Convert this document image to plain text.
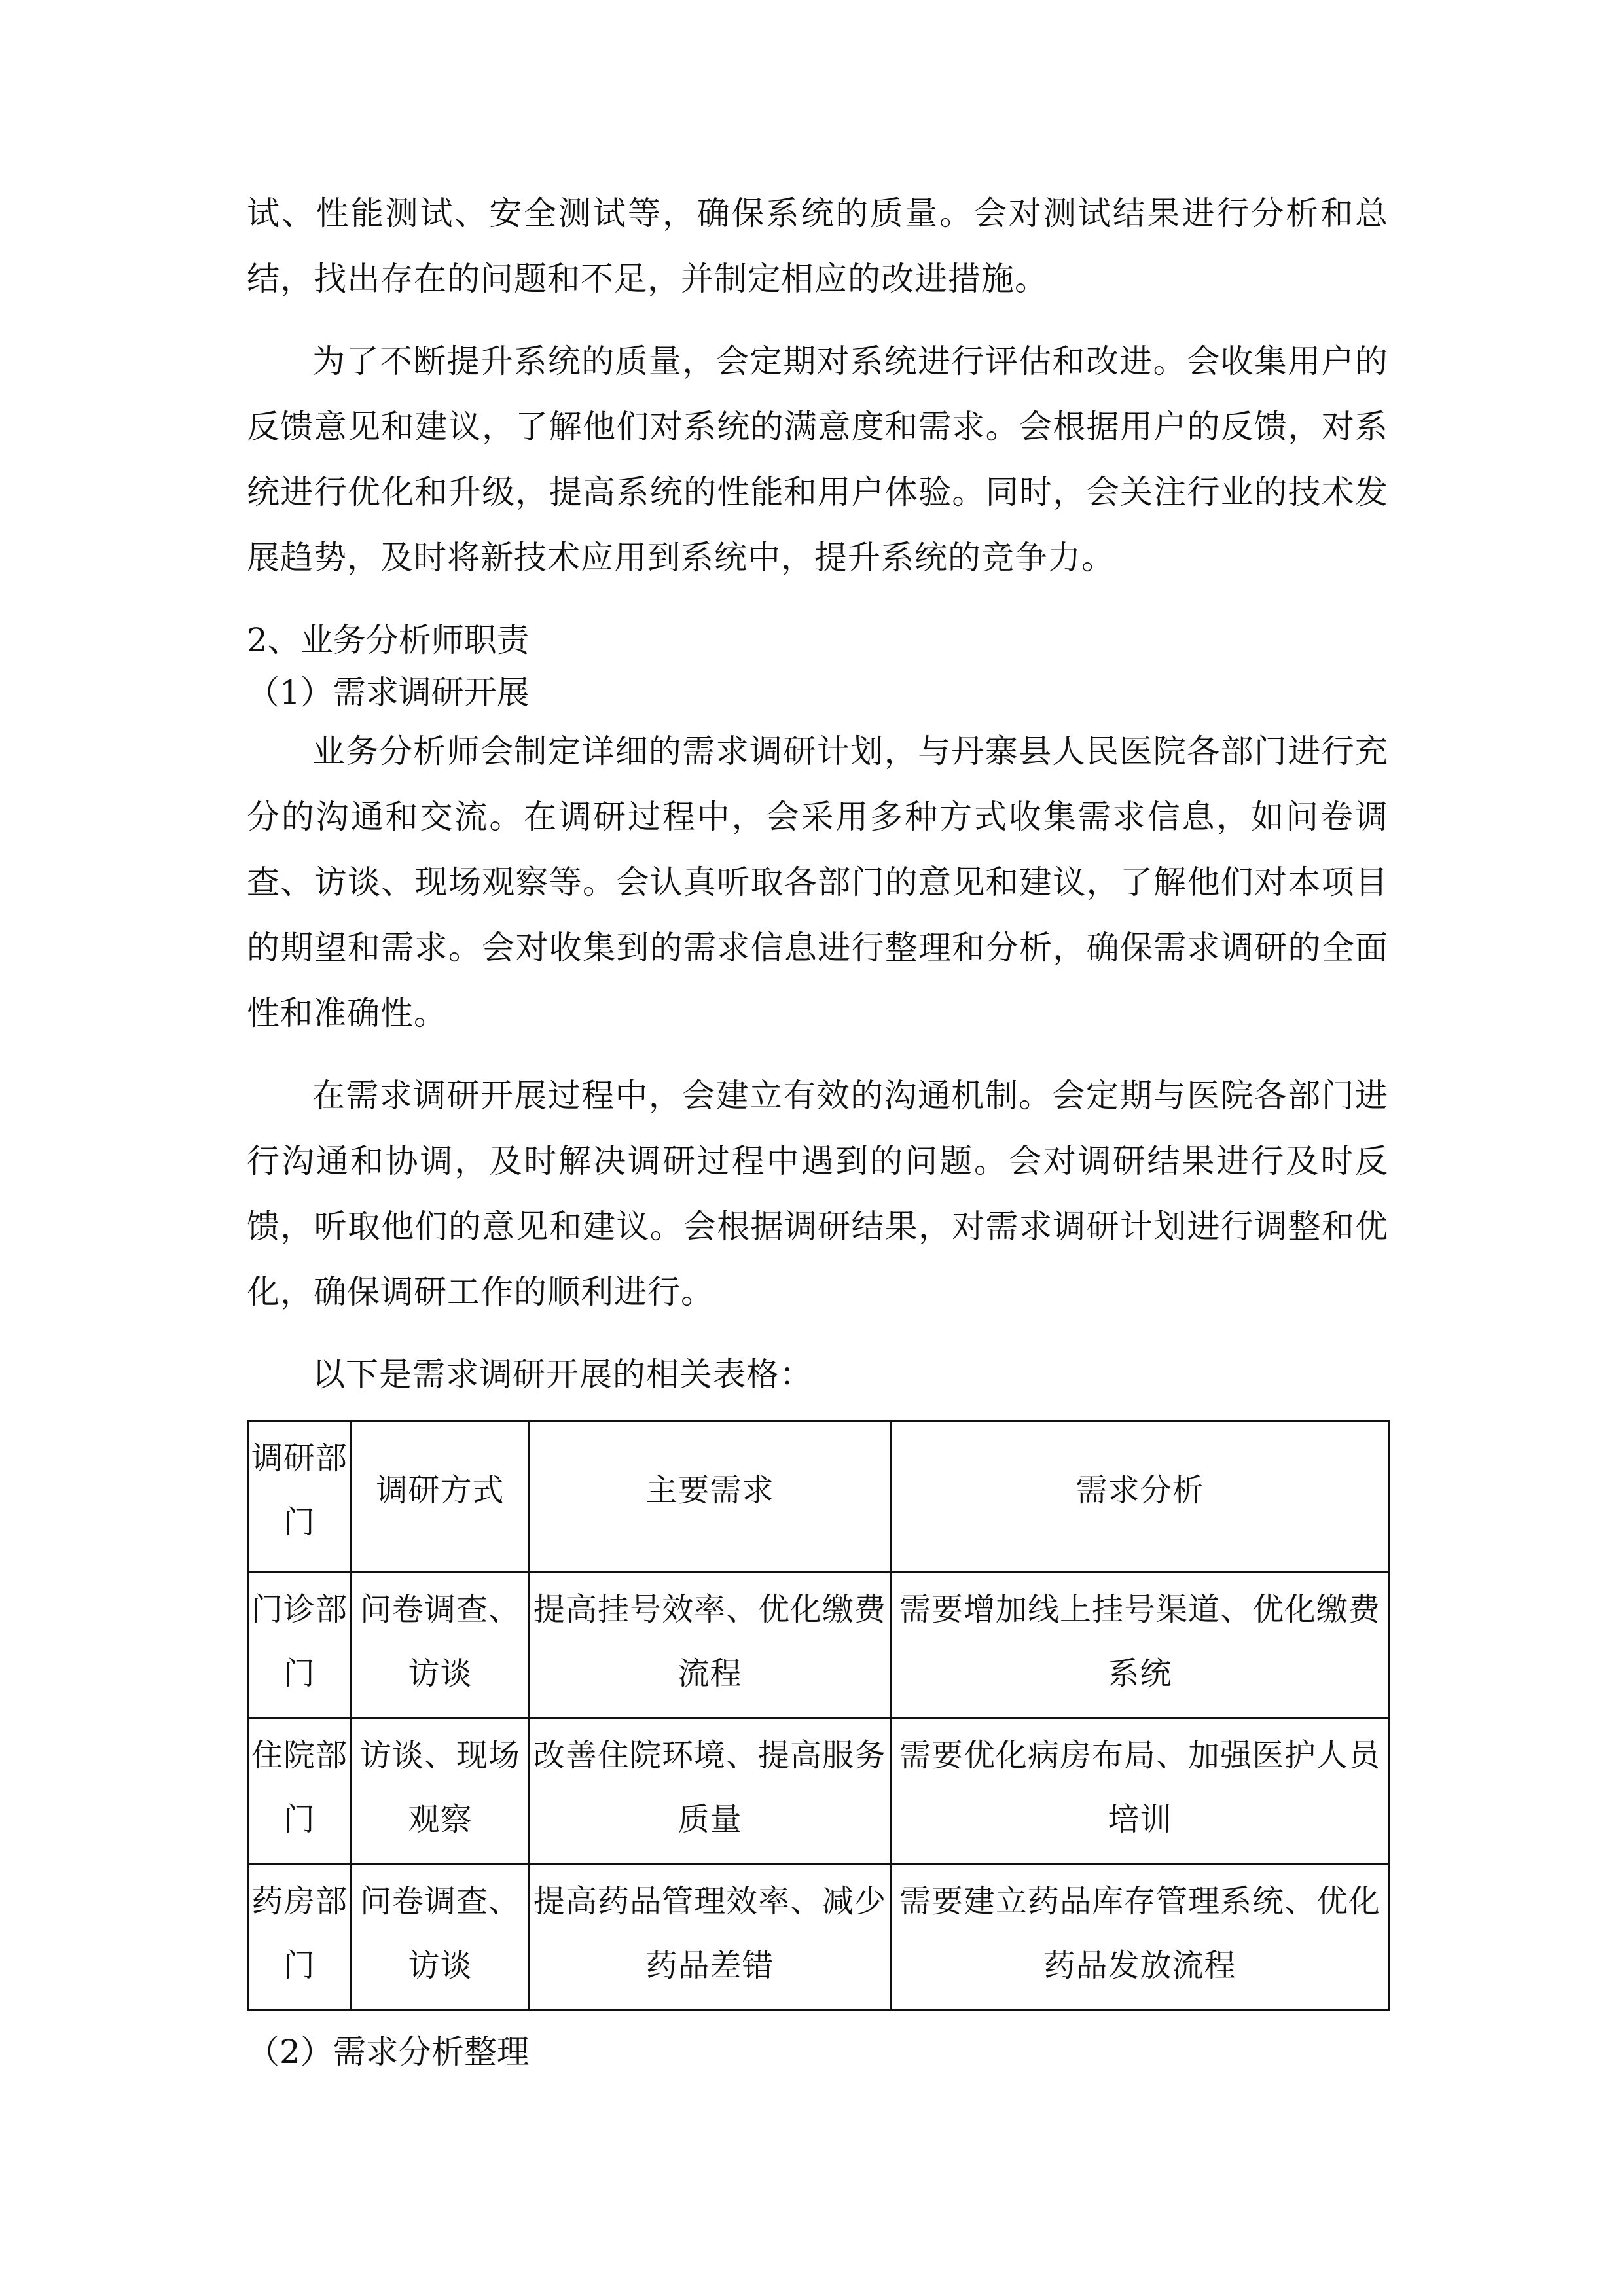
试、性能测试、安全测试等，确保系统的质量。会对测试结果进行分析和总结，找出存在的问题和不足，并制定相应的改进措施。

为了不断提升系统的质量，会定期对系统进行评估和改进。会收集用户的反馈意见和建议，了解他们对系统的满意度和需求。会根据用户的反馈，对系统进行优化和升级，提高系统的性能和用户体验。同时，会关注行业的技术发展趋势，及时将新技术应用到系统中，提升系统的竞争力。

2、业务分析师职责
（1）需求调研开展

业务分析师会制定详细的需求调研计划，与丹寨县人民医院各部门进行充分的沟通和交流。在调研过程中，会采用多种方式收集需求信息，如问卷调查、访谈、现场观察等。会认真听取各部门的意见和建议，了解他们对本项目的期望和需求。会对收集到的需求信息进行整理和分析，确保需求调研的全面性和准确性。

在需求调研开展过程中，会建立有效的沟通机制。会定期与医院各部门进行沟通和协调，及时解决调研过程中遇到的问题。会对调研结果进行及时反馈，听取他们的意见和建议。会根据调研结果，对需求调研计划进行调整和优化，确保调研工作的顺利进行。

以下是需求调研开展的相关表格：

调研部门	调研方式	主要需求	需求分析
门诊部门	问卷调查、访谈	提高挂号效率、优化缴费流程	需要增加线上挂号渠道、优化缴费系统
住院部门	访谈、现场观察	改善住院环境、提高服务质量	需要优化病房布局、加强医护人员培训
药房部门	问卷调查、访谈	提高药品管理效率、减少药品差错	需要建立药品库存管理系统、优化药品发放流程
（2）需求分析整理
